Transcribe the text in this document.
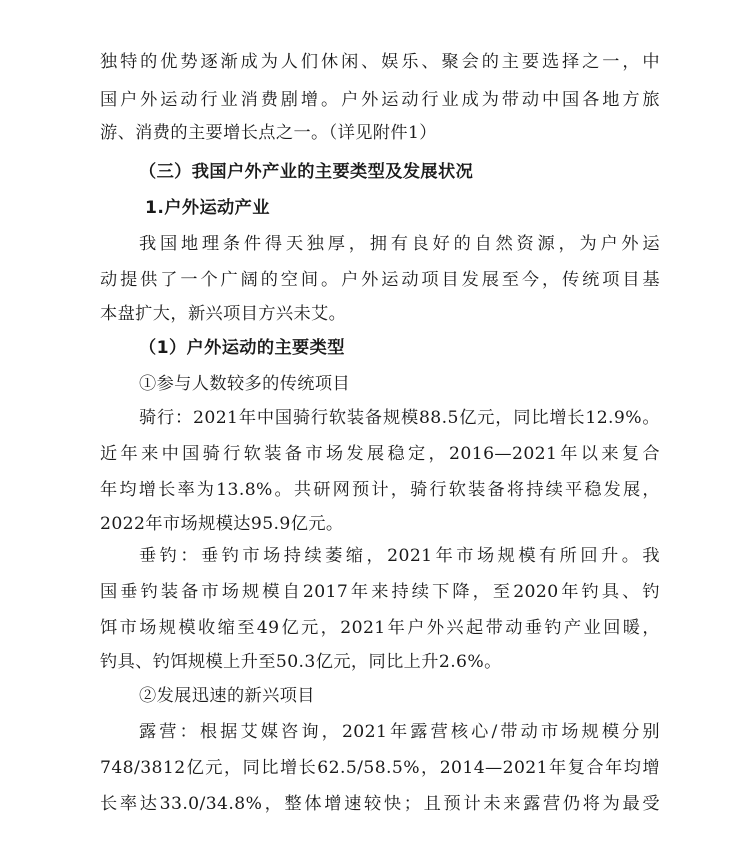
独特的优势逐渐成为人们休闲、娱乐、聚会的主要选择之一，中
国户外运动行业消费剧增。户外运动行业成为带动中国各地方旅
游、消费的主要增长点之一。（详见附件1）
（三）我国户外产业的主要类型及发展状况
1.户外运动产业
我国地理条件得天独厚，拥有良好的自然资源，为户外运
动提供了一个广阔的空间。户外运动项目发展至今，传统项目基
本盘扩大，新兴项目方兴未艾。
（1）户外运动的主要类型
①参与人数较多的传统项目
骑行：2021年中国骑行软装备规模88.5亿元，同比增长12.9%。
近年来中国骑行软装备市场发展稳定，2016—2021年以来复合
年均增长率为13.8%。共研网预计，骑行软装备将持续平稳发展，
2022年市场规模达95.9亿元。
垂钓：垂钓市场持续萎缩，2021年市场规模有所回升。我
国垂钓装备市场规模自2017年来持续下降，至2020年钓具、钓
饵市场规模收缩至49亿元，2021年户外兴起带动垂钓产业回暖，
钓具、钓饵规模上升至50.3亿元，同比上升2.6%。
②发展迅速的新兴项目
露营：根据艾媒咨询，2021年露营核心/带动市场规模分别
748/3812亿元，同比增长62.5/58.5%，2014—2021年复合年均增
长率达33.0/34.8%，整体增速较快；且预计未来露营仍将为最受
